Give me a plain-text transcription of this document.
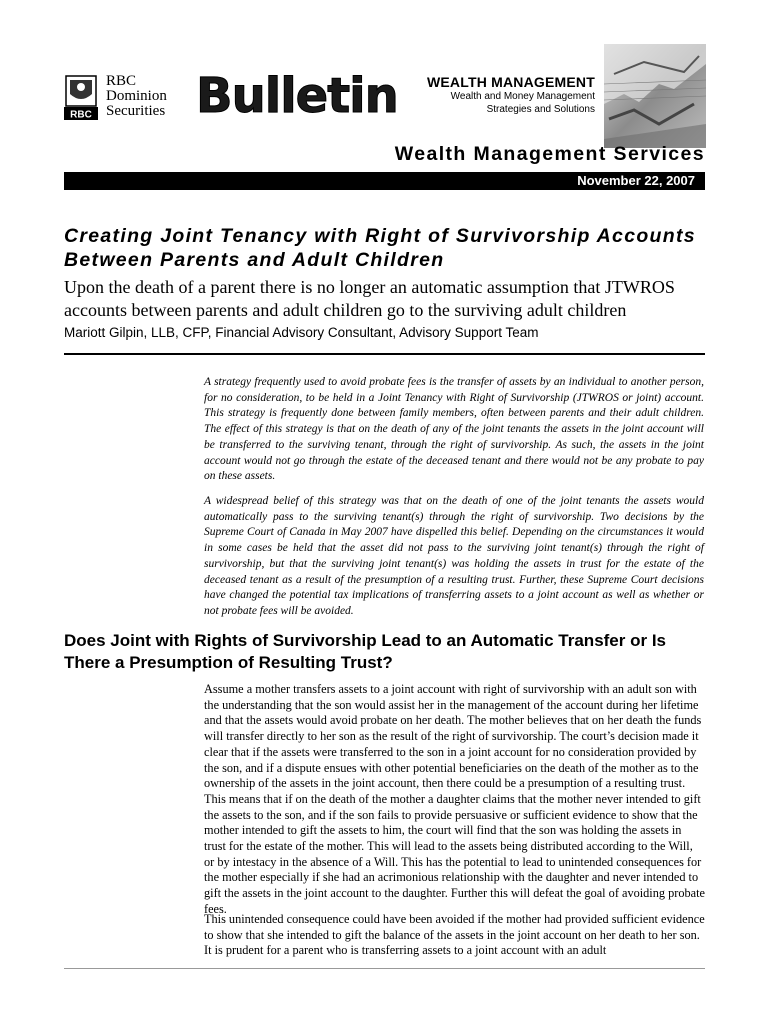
RBC
RBC
Dominion
Securities Bulletin WEALTH MANAGEMENT
Wealth and Money Management
Strategies and Solutions
Wealth Management Services
November 22, 2007
Creating Joint Tenancy with Right of Survivorship Accounts Between Parents and Adult Children
Upon the death of a parent there is no longer an automatic assumption that JTWROS accounts between parents and adult children go to the surviving adult children
Mariott Gilpin, LLB, CFP, Financial Advisory Consultant, Advisory Support Team

A strategy frequently used to avoid probate fees is the transfer of assets by an individual to another person, for no consideration, to be held in a Joint Tenancy with Right of Survivorship (JTWROS or joint) account. This strategy is frequently done between family members, often between parents and their adult children. The effect of this strategy is that on the death of any of the joint tenants the assets in the joint account will be transferred to the surviving tenant, through the right of survivorship. As such, the assets in the joint account would not go through the estate of the deceased tenant and there would not be any probate to pay on these assets.

A widespread belief of this strategy was that on the death of one of the joint tenants the assets would automatically pass to the surviving tenant(s) through the right of survivorship. Two decisions by the Supreme Court of Canada in May 2007 have dispelled this belief. Depending on the circumstances it would in some cases be held that the asset did not pass to the surviving joint tenant(s) through the right of survivorship, but that the surviving joint tenant(s) was holding the assets in trust for the estate of the deceased tenant as a result of the presumption of a resulting trust. Further, these Supreme Court decisions have changed the potential tax implications of transferring assets to a joint account as well as whether or not probate fees will be avoided.

Does Joint with Rights of Survivorship Lead to an Automatic Transfer or Is There a Presumption of Resulting Trust?

Assume a mother transfers assets to a joint account with right of survivorship with an adult son with the understanding that the son would assist her in the management of the account during her lifetime and that the assets would avoid probate on her death. The mother believes that on her death the funds will transfer directly to her son as the result of the right of survivorship. The court’s decision made it clear that if the assets were transferred to the son in a joint account for no consideration provided by the son, and if a dispute ensues with other potential beneficiaries on the death of the mother as to the ownership of the assets in the joint account, then there could be a presumption of a resulting trust. This means that if on the death of the mother a daughter claims that the mother never intended to gift the assets to the son, and if the son fails to provide persuasive or sufficient evidence to show that the mother intended to gift the assets to him, the court will find that the son was holding the assets in trust for the estate of the mother. This will lead to the assets being distributed according to the Will, or by intestacy in the absence of a Will. This has the potential to lead to unintended consequences for the mother especially if she had an acrimonious relationship with the daughter and never intended to gift the assets in the joint account to the daughter. Further this will defeat the goal of avoiding probate fees.

This unintended consequence could have been avoided if the mother had provided sufficient evidence to show that she intended to gift the balance of the assets in the joint account on her death to her son. It is prudent for a parent who is transferring assets to a joint account with an adult
